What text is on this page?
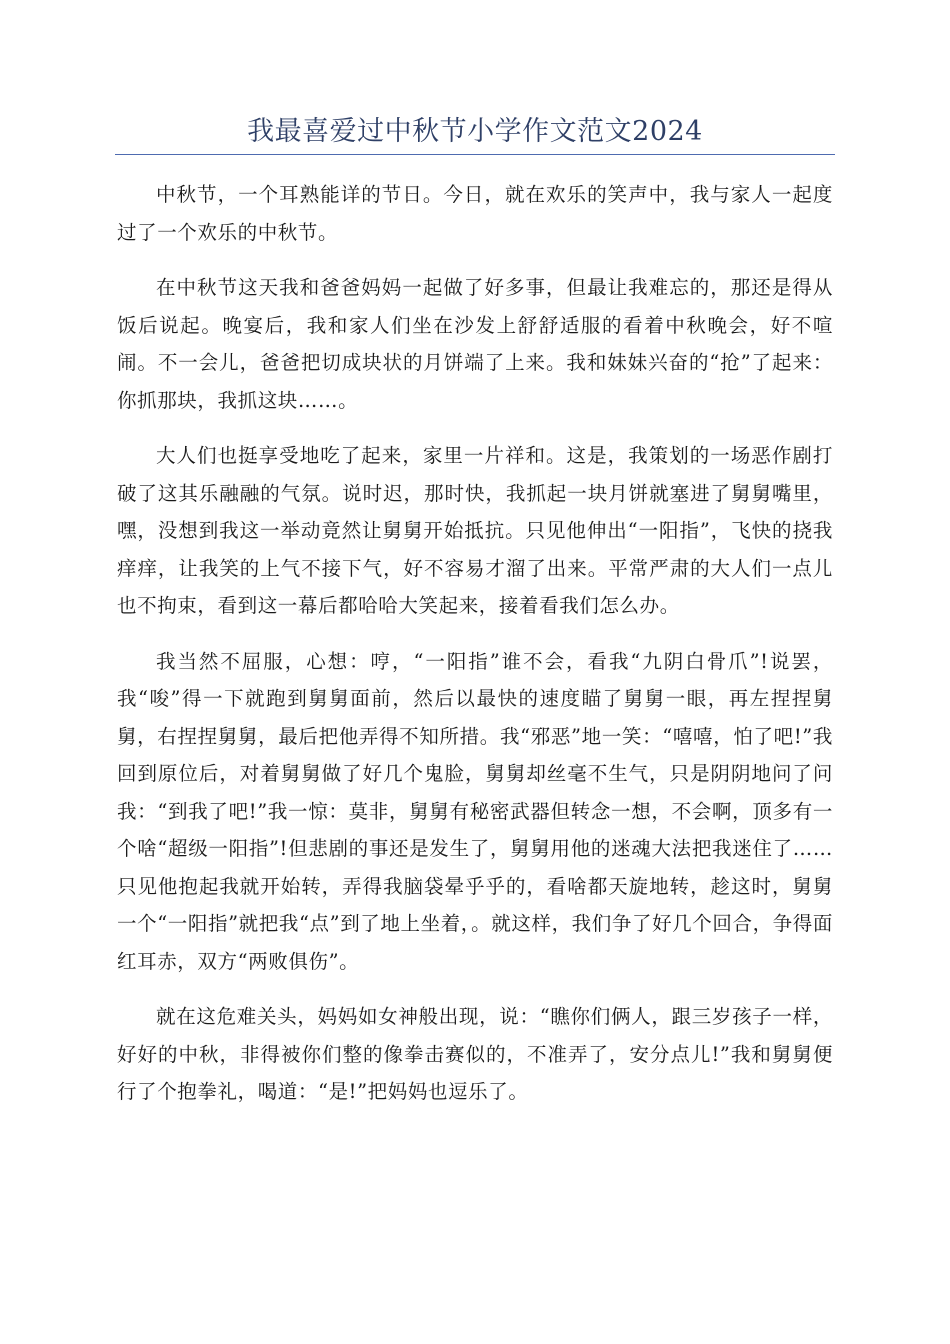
我最喜爱过中秋节小学作文范文2024

中秋节，一个耳熟能详的节日。今日，就在欢乐的笑声中，我与家人一起度过了一个欢乐的中秋节。

在中秋节这天我和爸爸妈妈一起做了好多事，但最让我难忘的，那还是得从饭后说起。晚宴后，我和家人们坐在沙发上舒舒适服的看着中秋晚会，好不喧闹。不一会儿，爸爸把切成块状的月饼端了上来。我和妹妹兴奋的“抢”了起来：你抓那块，我抓这块……。

大人们也挺享受地吃了起来，家里一片祥和。这是，我策划的一场恶作剧打破了这其乐融融的气氛。说时迟，那时快，我抓起一块月饼就塞进了舅舅嘴里，嘿，没想到我这一举动竟然让舅舅开始抵抗。只见他伸出“一阳指”，飞快的挠我痒痒，让我笑的上气不接下气，好不容易才溜了出来。平常严肃的大人们一点儿也不拘束，看到这一幕后都哈哈大笑起来，接着看我们怎么办。

我当然不屈服，心想：哼，“一阳指”谁不会，看我“九阴白骨爪”!说罢，我“唆”得一下就跑到舅舅面前，然后以最快的速度瞄了舅舅一眼，再左捏捏舅舅，右捏捏舅舅，最后把他弄得不知所措。我“邪恶”地一笑：“嘻嘻，怕了吧!”我回到原位后，对着舅舅做了好几个鬼脸，舅舅却丝毫不生气，只是阴阴地问了问我：“到我了吧!”我一惊：莫非，舅舅有秘密武器但转念一想，不会啊，顶多有一个啥“超级一阳指”!但悲剧的事还是发生了，舅舅用他的迷魂大法把我迷住了……只见他抱起我就开始转，弄得我脑袋晕乎乎的，看啥都天旋地转，趁这时，舅舅一个“一阳指”就把我“点”到了地上坐着，。就这样，我们争了好几个回合，争得面红耳赤，双方“两败俱伤”。

就在这危难关头，妈妈如女神般出现，说：“瞧你们俩人，跟三岁孩子一样，好好的中秋，非得被你们整的像拳击赛似的，不准弄了，安分点儿!”我和舅舅便行了个抱拳礼，喝道：“是!”把妈妈也逗乐了。
